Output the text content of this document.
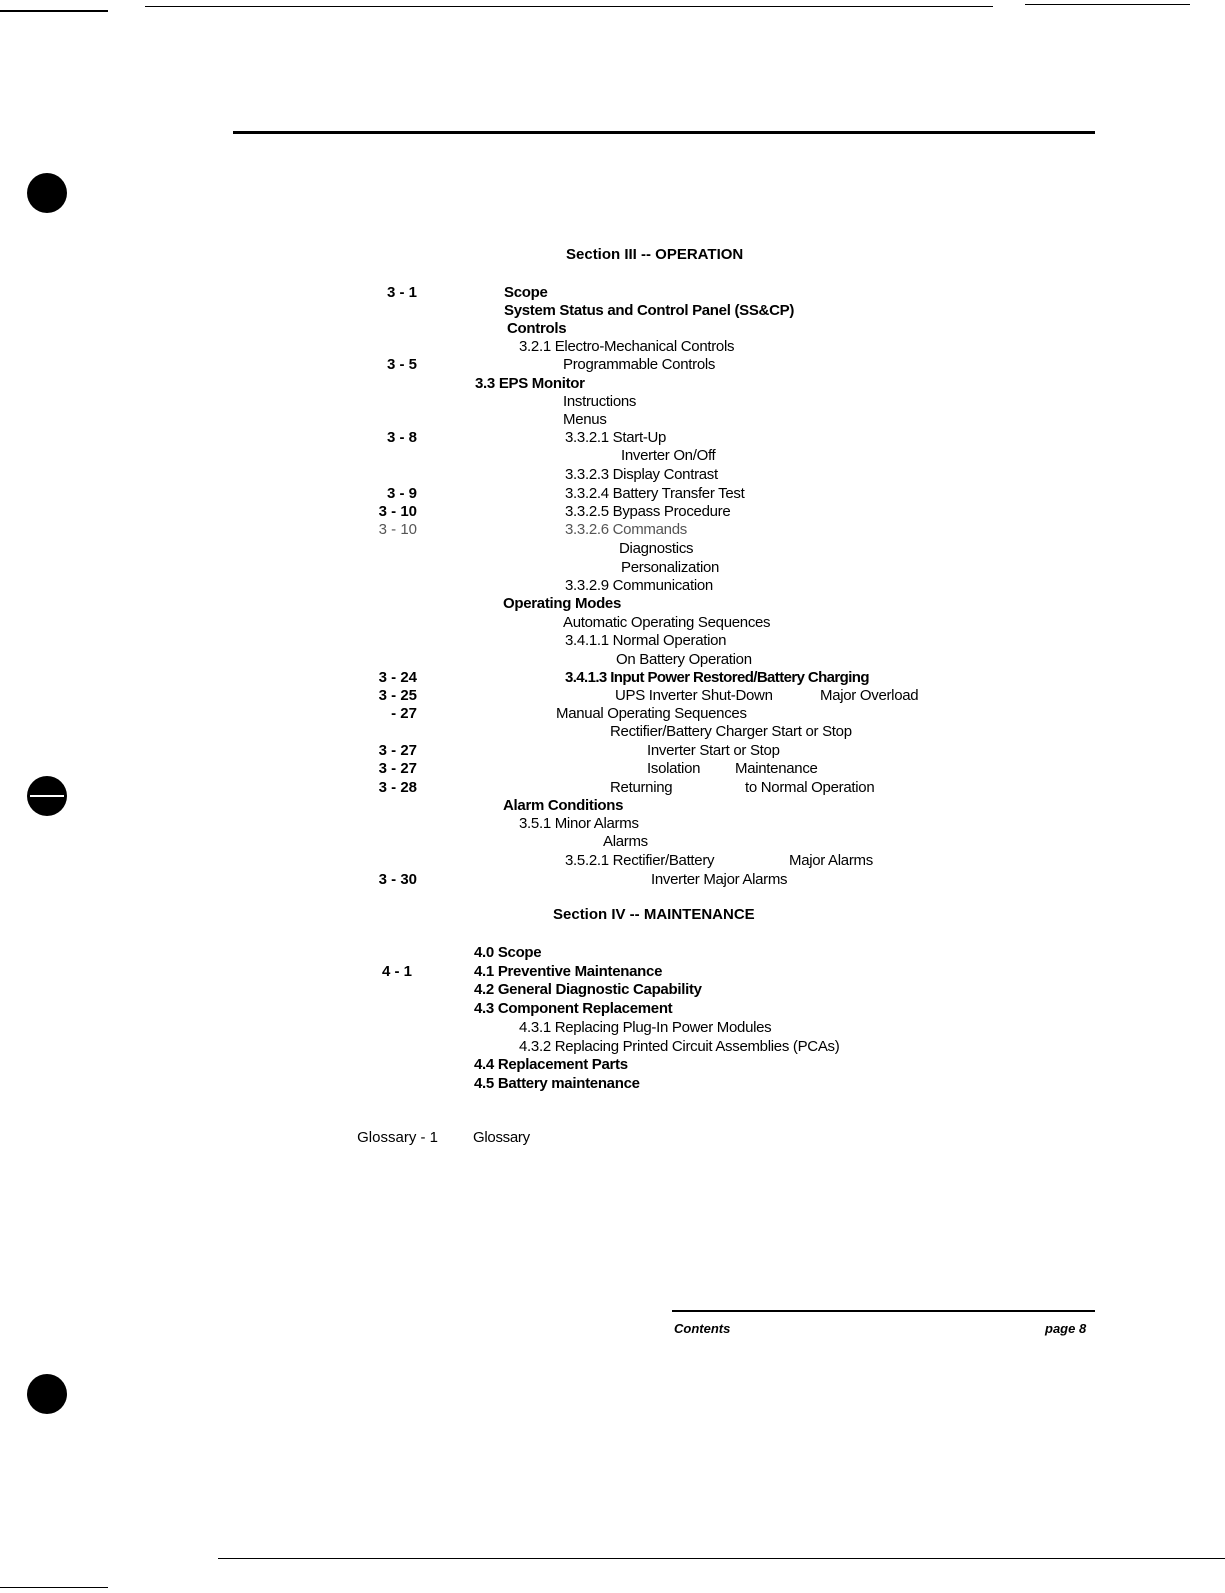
Section III -- OPERATION
3 - 1	Scope
System Status and Control Panel (SS&CP)
Controls
3.2.1 Electro-Mechanical Controls
3 - 5	Programmable Controls
3.3 EPS Monitor
Instructions
Menus
3 - 8	3.3.2.1 Start-Up
Inverter On/Off
3.3.2.3 Display Contrast
3 - 9	3.3.2.4 Battery Transfer Test
3 - 10	3.3.2.5 Bypass Procedure
3 - 10	3.3.2.6 Commands
Diagnostics
Personalization
3.3.2.9 Communication
Operating Modes
Automatic Operating Sequences
3.4.1.1 Normal Operation
On Battery Operation
3 - 24	3.4.1.3 Input Power Restored/Battery Charging
3 - 25	UPS Inverter Shut-Down	Major Overload
- 27	Manual Operating Sequences
Rectifier/Battery Charger Start or Stop
3 - 27	Inverter Start or Stop
3 - 27	Isolation Maintenance
3 - 28	Returning	to Normal Operation
Alarm Conditions
3.5.1 Minor Alarms
Alarms
3.5.2.1 Rectifier/Battery	Major Alarms
3 - 30	Inverter Major Alarms
Section IV -- MAINTENANCE
4.0 Scope
4 - 1	4.1 Preventive Maintenance
4.2 General Diagnostic Capability
4.3 Component Replacement
4.3.1 Replacing Plug-In Power Modules
4.3.2 Replacing Printed Circuit Assemblies (PCAs)
4.4 Replacement Parts
4.5 Battery maintenance
Glossary - 1 Glossary
Contents	page 8
